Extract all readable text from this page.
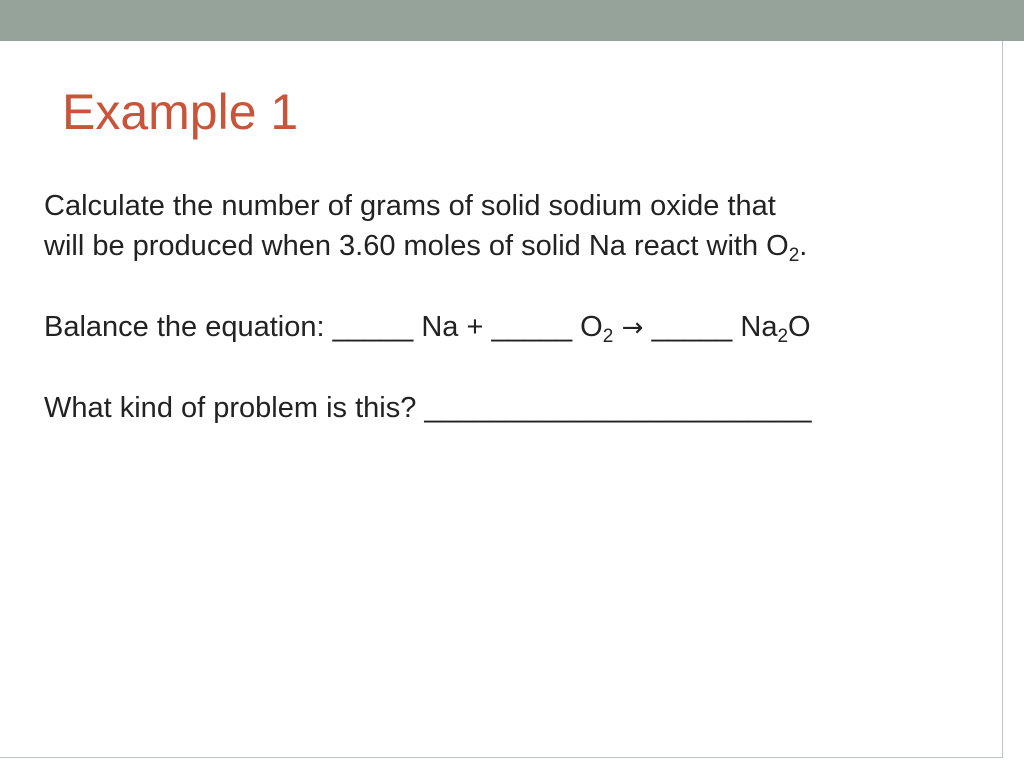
Example 1

Calculate the number of grams of solid sodium oxide that
will be produced when 3.60 moles of solid Na react with $O_2$.

Balance the equation: _____ Na + _____ $O_2$ → _____ $Na_2O$

What kind of problem is this? ________________________
